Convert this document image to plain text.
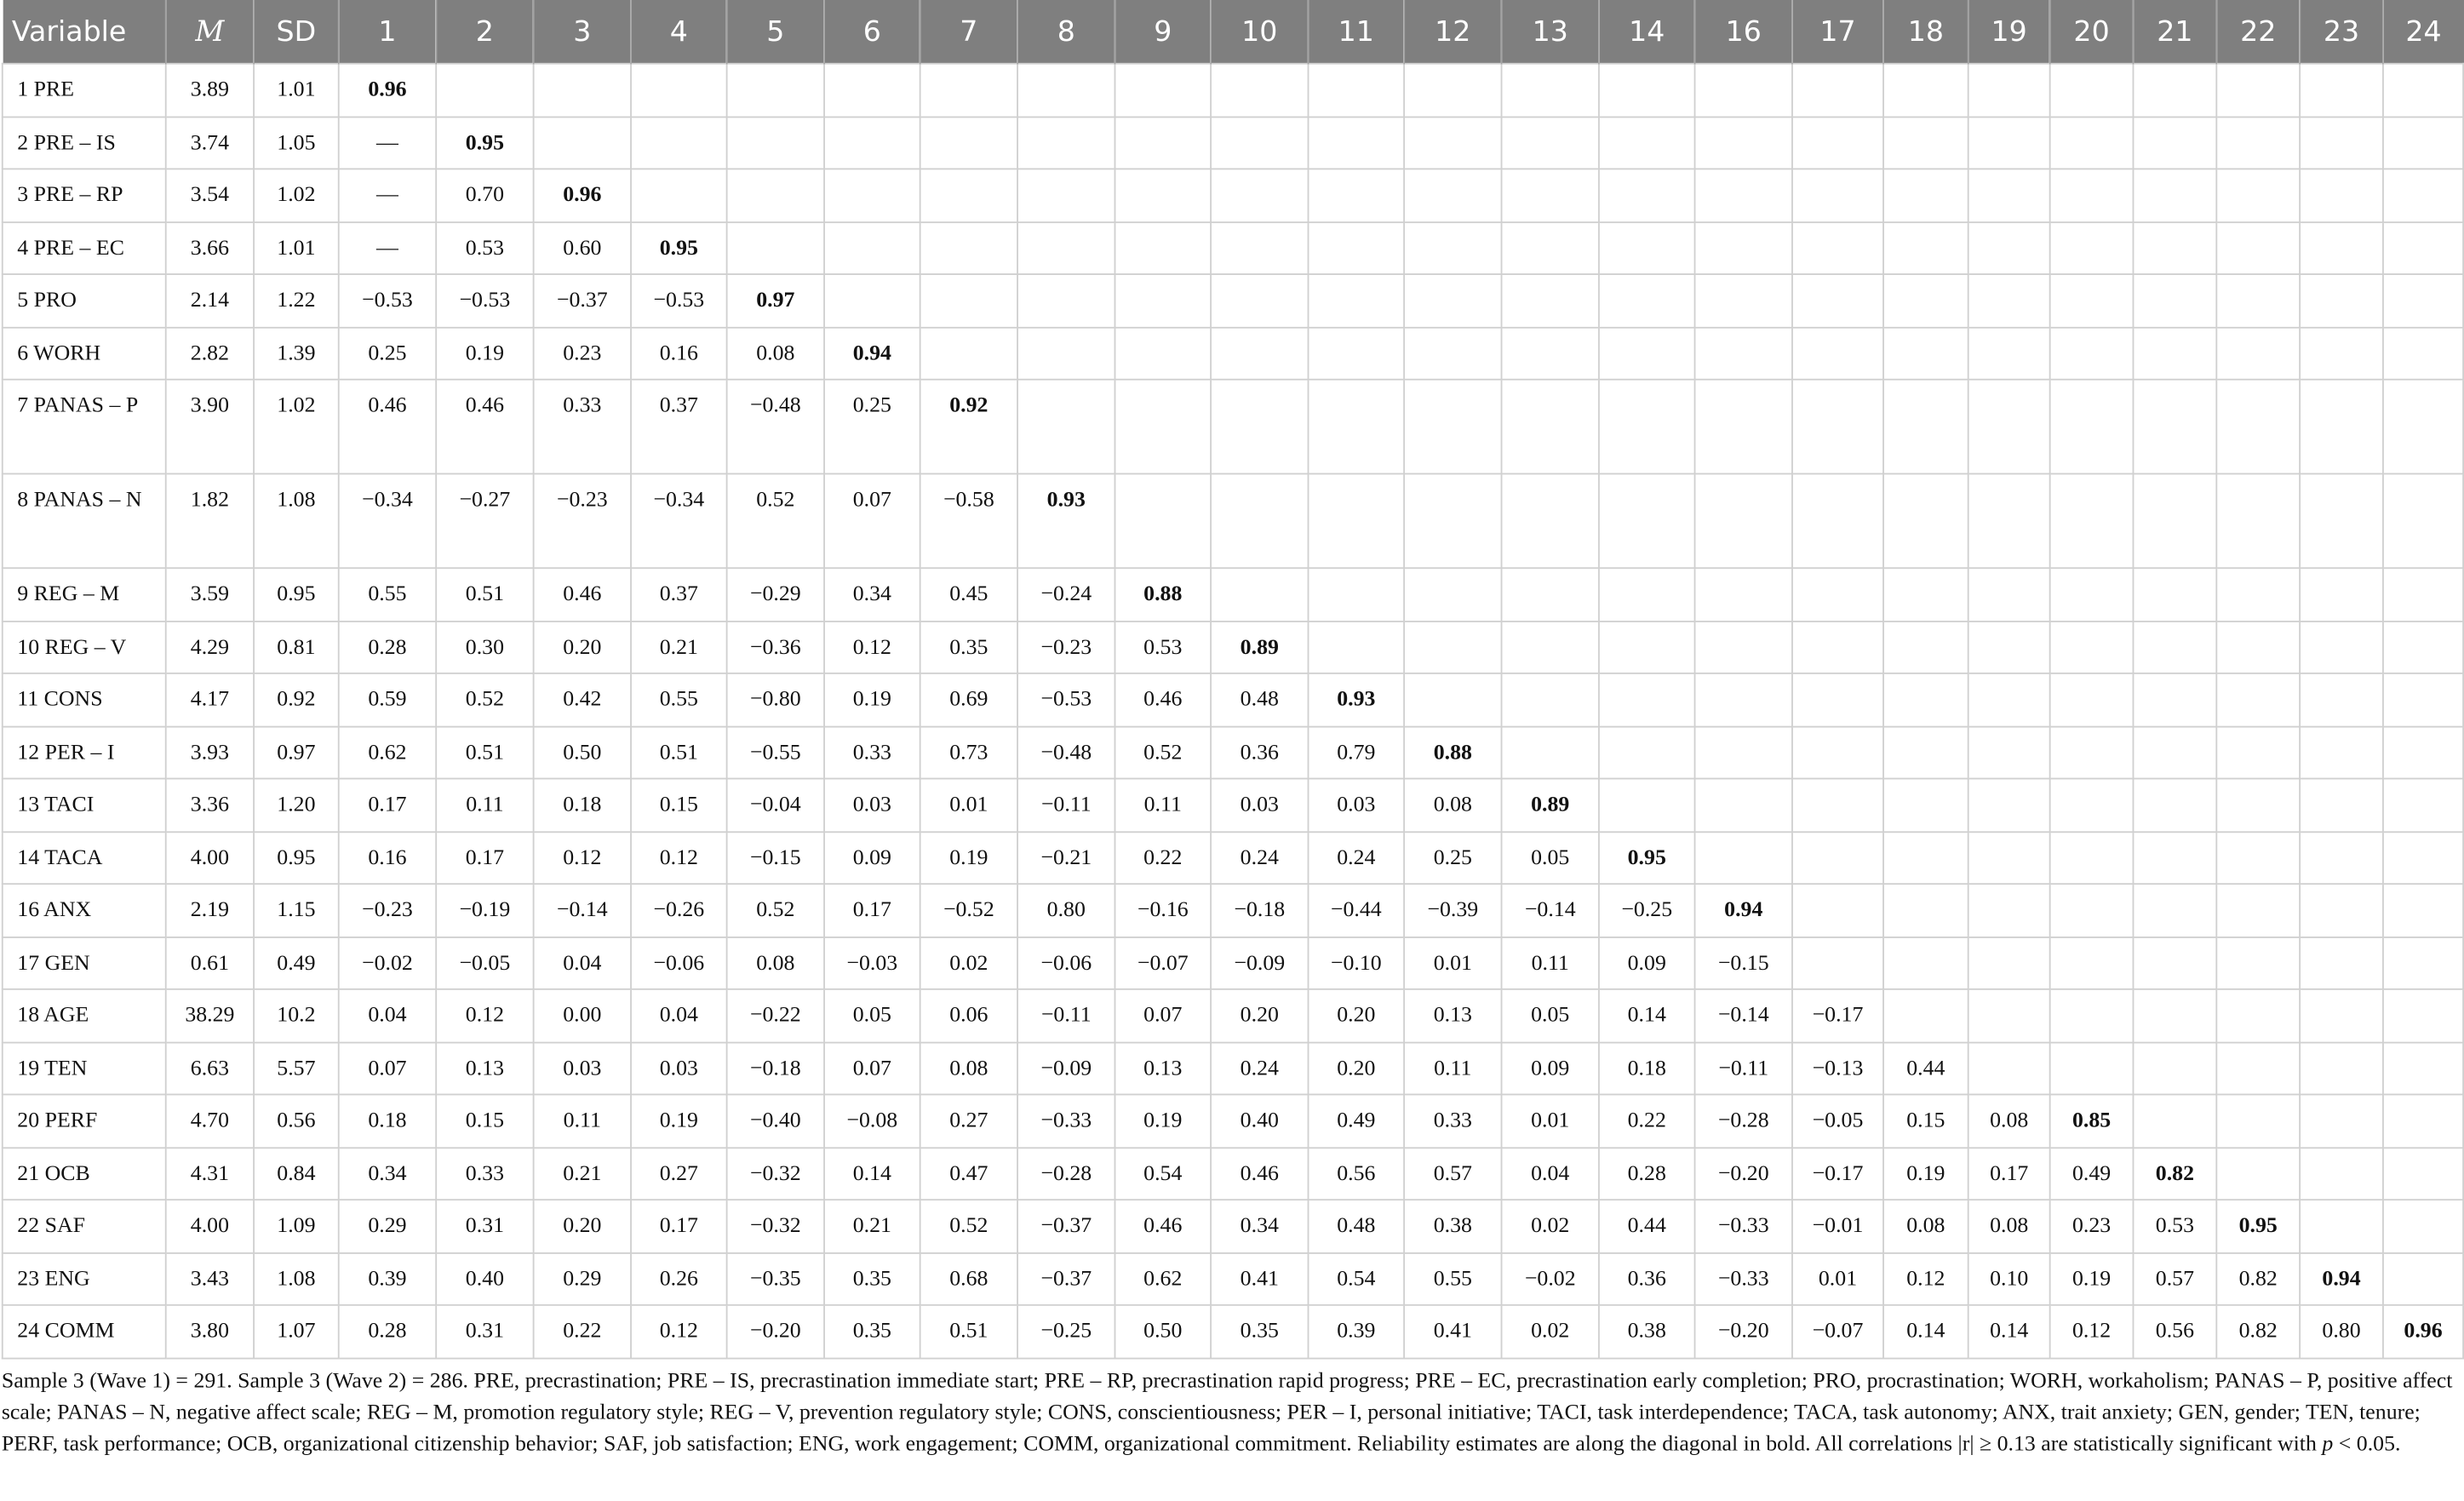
Variable	M	SD	1	2	3	4	5	6	7	8	9	10	11	12	13	14	16	17	18	19	20	21	22	23	24
1 PRE	3.89	1.01	0.96																						
2 PRE – IS	3.74	1.05	—	0.95																					
3 PRE – RP	3.54	1.02	—	0.70	0.96																				
4 PRE – EC	3.66	1.01	—	0.53	0.60	0.95																			
5 PRO	2.14	1.22	−0.53	−0.53	−0.37	−0.53	0.97																		
6 WORH	2.82	1.39	0.25	0.19	0.23	0.16	0.08	0.94																	
7 PANAS – P	3.90	1.02	0.46	0.46	0.33	0.37	−0.48	0.25	0.92																
8 PANAS – N	1.82	1.08	−0.34	−0.27	−0.23	−0.34	0.52	0.07	−0.58	0.93															
9 REG – M	3.59	0.95	0.55	0.51	0.46	0.37	−0.29	0.34	0.45	−0.24	0.88														
10 REG – V	4.29	0.81	0.28	0.30	0.20	0.21	−0.36	0.12	0.35	−0.23	0.53	0.89													
11 CONS	4.17	0.92	0.59	0.52	0.42	0.55	−0.80	0.19	0.69	−0.53	0.46	0.48	0.93												
12 PER – I	3.93	0.97	0.62	0.51	0.50	0.51	−0.55	0.33	0.73	−0.48	0.52	0.36	0.79	0.88											
13 TACI	3.36	1.20	0.17	0.11	0.18	0.15	−0.04	0.03	0.01	−0.11	0.11	0.03	0.03	0.08	0.89										
14 TACA	4.00	0.95	0.16	0.17	0.12	0.12	−0.15	0.09	0.19	−0.21	0.22	0.24	0.24	0.25	0.05	0.95									
16 ANX	2.19	1.15	−0.23	−0.19	−0.14	−0.26	0.52	0.17	−0.52	0.80	−0.16	−0.18	−0.44	−0.39	−0.14	−0.25	0.94								
17 GEN	0.61	0.49	−0.02	−0.05	0.04	−0.06	0.08	−0.03	0.02	−0.06	−0.07	−0.09	−0.10	0.01	0.11	0.09	−0.15								
18 AGE	38.29	10.2	0.04	0.12	0.00	0.04	−0.22	0.05	0.06	−0.11	0.07	0.20	0.20	0.13	0.05	0.14	−0.14	−0.17							
19 TEN	6.63	5.57	0.07	0.13	0.03	0.03	−0.18	0.07	0.08	−0.09	0.13	0.24	0.20	0.11	0.09	0.18	−0.11	−0.13	0.44						
20 PERF	4.70	0.56	0.18	0.15	0.11	0.19	−0.40	−0.08	0.27	−0.33	0.19	0.40	0.49	0.33	0.01	0.22	−0.28	−0.05	0.15	0.08	0.85				
21 OCB	4.31	0.84	0.34	0.33	0.21	0.27	−0.32	0.14	0.47	−0.28	0.54	0.46	0.56	0.57	0.04	0.28	−0.20	−0.17	0.19	0.17	0.49	0.82			
22 SAF	4.00	1.09	0.29	0.31	0.20	0.17	−0.32	0.21	0.52	−0.37	0.46	0.34	0.48	0.38	0.02	0.44	−0.33	−0.01	0.08	0.08	0.23	0.53	0.95		
23 ENG	3.43	1.08	0.39	0.40	0.29	0.26	−0.35	0.35	0.68	−0.37	0.62	0.41	0.54	0.55	−0.02	0.36	−0.33	0.01	0.12	0.10	0.19	0.57	0.82	0.94	
24 COMM	3.80	1.07	0.28	0.31	0.22	0.12	−0.20	0.35	0.51	−0.25	0.50	0.35	0.39	0.41	0.02	0.38	−0.20	−0.07	0.14	0.14	0.12	0.56	0.82	0.80	0.96

Sample 3 (Wave 1) = 291. Sample 3 (Wave 2) = 286. PRE, precrastination; PRE – IS, precrastination immediate start; PRE – RP, precrastination rapid progress; PRE – EC, precrastination early completion; PRO, procrastination; WORH, workaholism; PANAS – P, positive affect scale; PANAS – N, negative affect scale; REG – M, promotion regulatory style; REG – V, prevention regulatory style; CONS, conscientiousness; PER – I, personal initiative; TACI, task interdependence; TACA, task autonomy; ANX, trait anxiety; GEN, gender; TEN, tenure; PERF, task performance; OCB, organizational citizenship behavior; SAF, job satisfaction; ENG, work engagement; COMM, organizational commitment. Reliability estimates are along the diagonal in bold. All correlations |r| ≥ 0.13 are statistically significant with p < 0.05.
